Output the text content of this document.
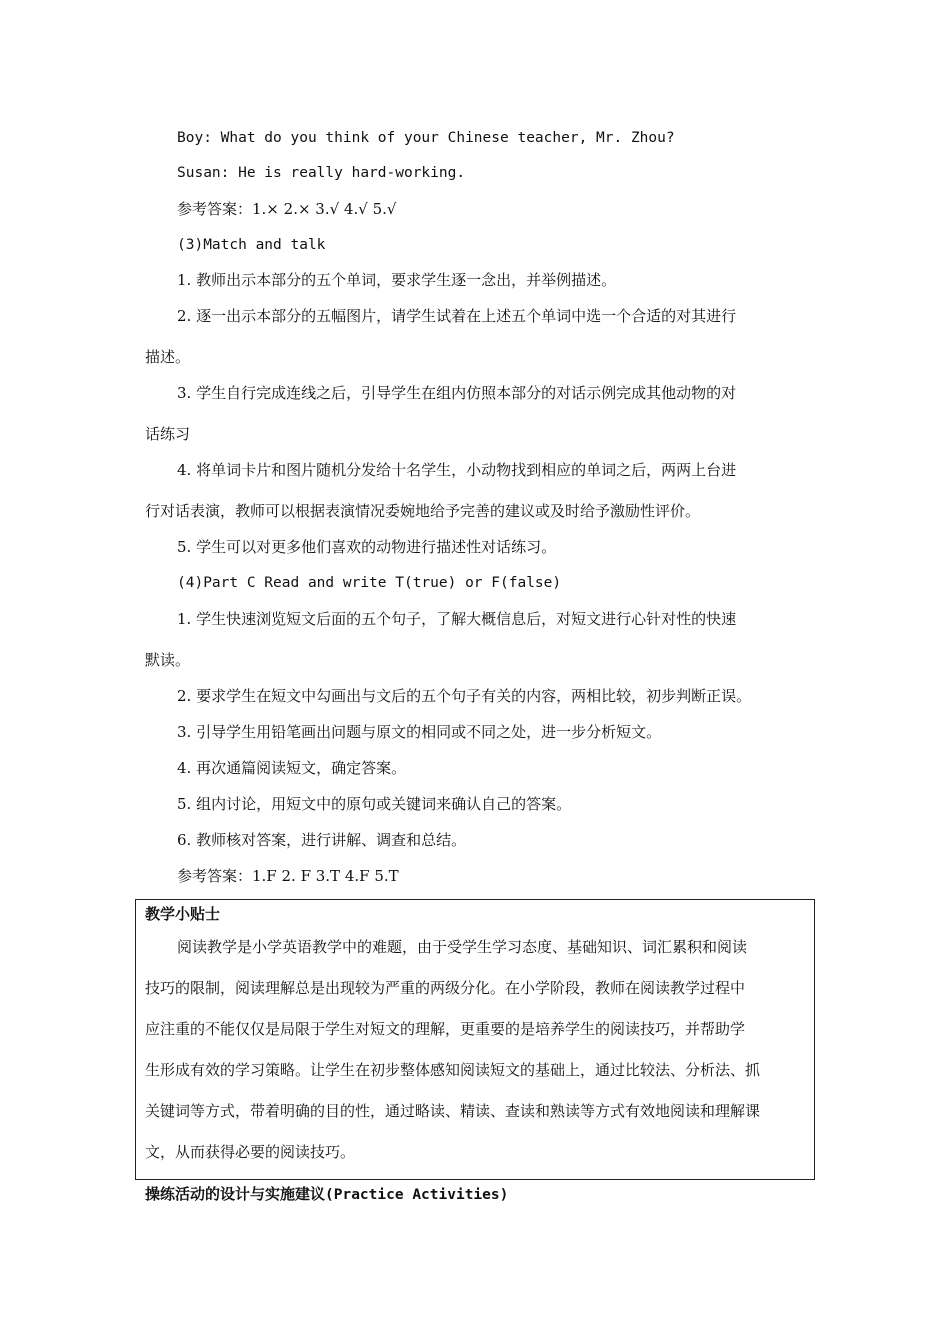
Boy: What do you think of your Chinese teacher, Mr. Zhou?
Susan: He is really hard-working.
参考答案：1.× 2.× 3.√ 4.√ 5.√
(3)Match and talk
1. 教师出示本部分的五个单词，要求学生逐一念出，并举例描述。
2. 逐一出示本部分的五幅图片，请学生试着在上述五个单词中选一个合适的对其进行
描述。
3. 学生自行完成连线之后，引导学生在组内仿照本部分的对话示例完成其他动物的对
话练习
4. 将单词卡片和图片随机分发给十名学生，小动物找到相应的单词之后，两两上台进
行对话表演，教师可以根据表演情况委婉地给予完善的建议或及时给予激励性评价。
5. 学生可以对更多他们喜欢的动物进行描述性对话练习。
(4)Part C Read and write T(true) or F(false)
1. 学生快速浏览短文后面的五个句子，了解大概信息后，对短文进行心针对性的快速
默读。
2. 要求学生在短文中勾画出与文后的五个句子有关的内容，两相比较，初步判断正误。
3. 引导学生用铅笔画出问题与原文的相同或不同之处，进一步分析短文。
4. 再次通篇阅读短文，确定答案。
5. 组内讨论，用短文中的原句或关键词来确认自己的答案。
6. 教师核对答案，进行讲解、调查和总结。
参考答案：1.F 2. F 3.T 4.F 5.T
教学小贴士
阅读教学是小学英语教学中的难题，由于受学生学习态度、基础知识、词汇累积和阅读
技巧的限制，阅读理解总是出现较为严重的两级分化。在小学阶段，教师在阅读教学过程中
应注重的不能仅仅是局限于学生对短文的理解，更重要的是培养学生的阅读技巧，并帮助学
生形成有效的学习策略。让学生在初步整体感知阅读短文的基础上，通过比较法、分析法、抓
关键词等方式，带着明确的目的性，通过略读、精读、查读和熟读等方式有效地阅读和理解课
文，从而获得必要的阅读技巧。
操练活动的设计与实施建议(Practice Activities)
